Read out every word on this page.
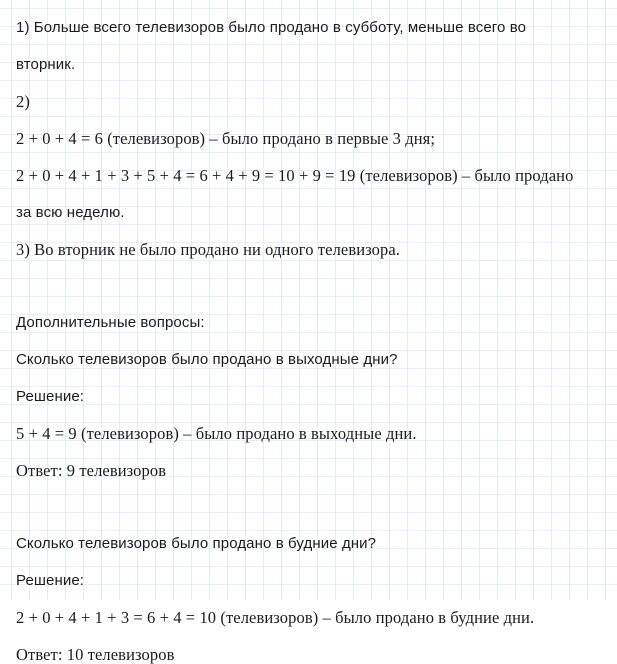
1) Больше всего телевизоров было продано в субботу, меньше всего во
вторник.
2)
2 + 0 + 4 = 6 (телевизоров) – было продано в первые 3 дня;
2 + 0 + 4 + 1 + 3 + 5 + 4 = 6 + 4 + 9 = 10 + 9 = 19 (телевизоров) – было продано
за всю неделю.
3) Во вторник не было продано ни одного телевизора.
Дополнительные вопросы:
Сколько телевизоров было продано в выходные дни?
Решение:
5 + 4 = 9 (телевизоров) – было продано в выходные дни.
Ответ: 9 телевизоров
Сколько телевизоров было продано в будние дни?
Решение:
2 + 0 + 4 + 1 + 3 = 6 + 4 = 10 (телевизоров) – было продано в будние дни.
Ответ: 10 телевизоров
